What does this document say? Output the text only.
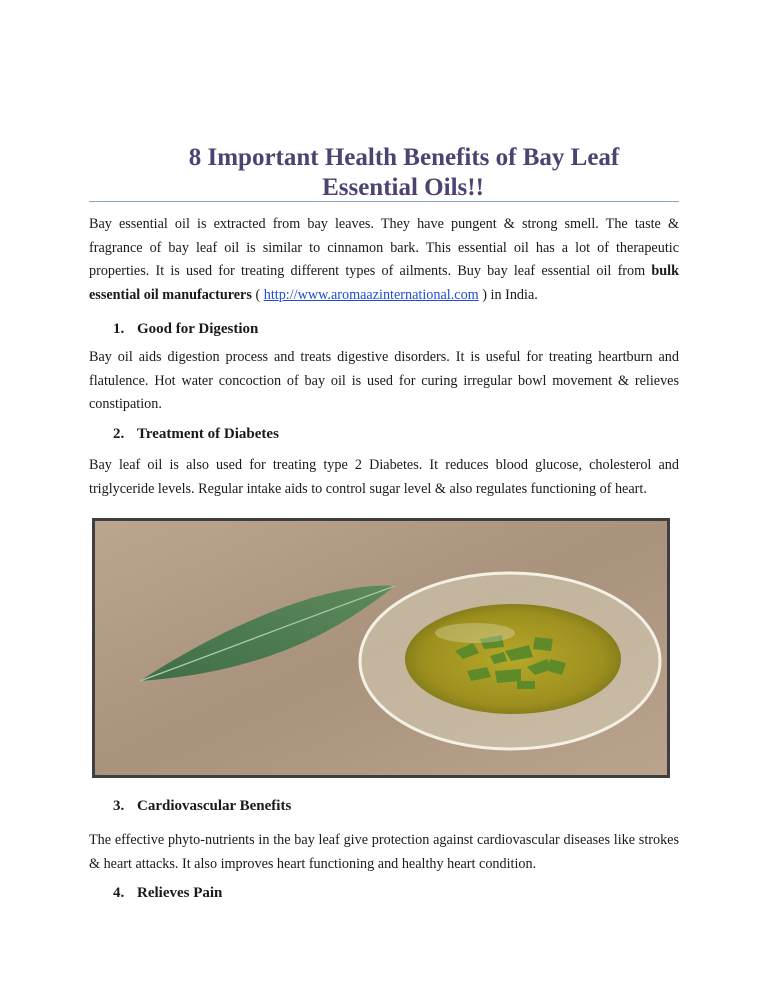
8 Important Health Benefits of Bay Leaf
Essential Oils!!

Bay essential oil is extracted from bay leaves. They have pungent & strong smell. The taste & fragrance of bay leaf oil is similar to cinnamon bark. This essential oil has a lot of therapeutic properties. It is used for treating different types of ailments. Buy bay leaf essential oil from bulk essential oil manufacturers ( http://www.aromaazinternational.com ) in India.

1. Good for Digestion

Bay oil aids digestion process and treats digestive disorders. It is useful for treating heartburn and flatulence. Hot water concoction of bay oil is used for curing irregular bowl movement & relieves constipation.

2. Treatment of Diabetes

Bay leaf oil is also used for treating type 2 Diabetes. It reduces blood glucose, cholesterol and triglyceride levels. Regular intake aids to control sugar level & also regulates functioning of heart.

3. Cardiovascular Benefits

The effective phyto-nutrients in the bay leaf give protection against cardiovascular diseases like strokes & heart attacks. It also improves heart functioning and healthy heart condition.

4. Relieves Pain
